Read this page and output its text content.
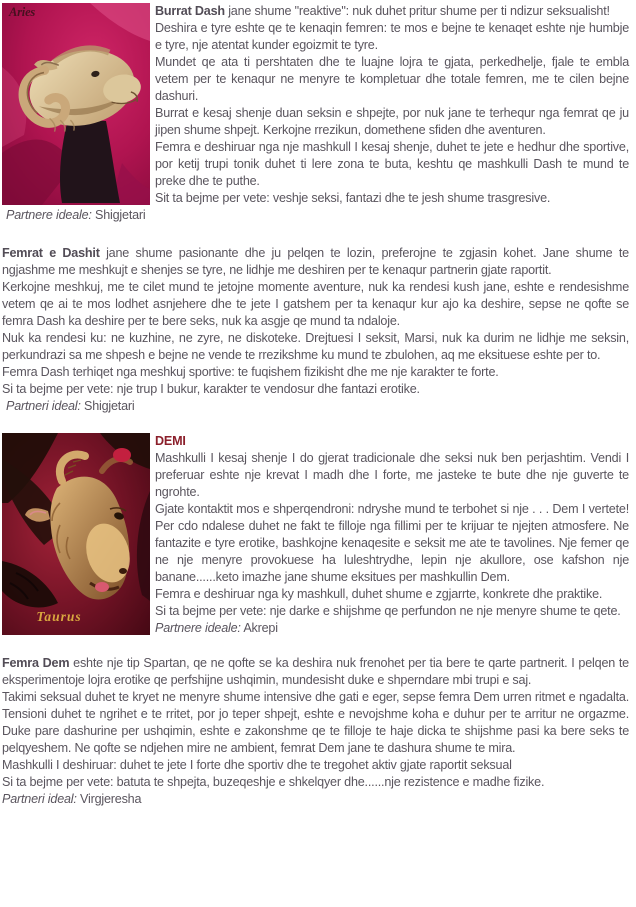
Aries	Burrat Dash jane shume "reaktive": nuk duhet pritur shume per ti ndizur seksualisht!

Deshira e tyre eshte qe te kenaqin femren: te mos e bejne te kenaqet eshte nje humbje e tyre, nje atentat kunder egoizmit te tyre.

Mundet qe ata ti pershtaten dhe te luajne lojra te gjata, perkedhelje, fjale te embla vetem per te kenaqur ne menyre te kompletuar dhe totale femren, me te cilen bejne dashuri.

Burrat e kesaj shenje duan seksin e shpejte, por nuk jane te terhequr nga femrat qe ju jipen shume shpejt. Kerkojne rrezikun, domethene sfiden dhe aventuren.

Femra e deshiruar nga nje mashkull I kesaj shenje, duhet te jete e hedhur dhe sportive, por ketij trupi tonik duhet ti lere zona te buta, keshtu qe mashkulli Dash te mund te preke dhe te puthe.

Sit ta bejme per vete: veshje seksi, fantazi dhe te jesh shume trasgresive.

Partnere ideale: Shigjetari

Femrat e Dashit jane shume pasionante dhe ju pelqen te lozin, preferojne te zgjasin kohet. Jane shume te ngjashme me meshkujt e shenjes se tyre, ne lidhje me deshiren per te kenaqur partnerin gjate raportit.

Kerkojne meshkuj, me te cilet mund te jetojne momente aventure, nuk ka rendesi kush jane, eshte e rendesishme vetem qe ai te mos lodhet asnjehere dhe te jete I gatshem per ta kenaqur kur ajo ka deshire, sepse ne qofte se femra Dash ka deshire per te bere seks, nuk ka asgje qe mund ta ndaloje.

Nuk ka rendesi ku: ne kuzhine, ne zyre, ne diskoteke. Drejtuesi I seksit, Marsi, nuk ka durim ne lidhje me seksin, perkundrazi sa me shpesh e bejne ne vende te rrezikshme ku mund te zbulohen, aq me eksituese eshte per to.

Femra Dash terhiqet nga meshkuj sportive: te fuqishem fizikisht dhe me nje karakter te forte.

Si ta bejme per vete: nje trup I bukur, karakter te vendosur dhe fantazi erotike.

Partneri ideal: Shigjetari

Taurus

DEMI

Mashkulli I kesaj shenje I do gjerat tradicionale dhe seksi nuk ben perjashtim. Vendi I preferuar eshte nje krevat I madh dhe I forte, me jasteke te bute dhe nje guverte te ngrohte.

Gjate kontaktit mos e shperqendroni: ndryshe mund te terbohet si nje . . . Dem I vertete! Per cdo ndalese duhet ne fakt te filloje nga fillimi per te krijuar te njejten atmosfere. Ne fantazite e tyre erotike, bashkojne kenaqesite e seksit me ate te tavolines. Nje femer qe ne nje menyre provokuese ha luleshtrydhe, lepin nje akullore, ose kafshon nje banane......keto imazhe jane shume eksitues per mashkullin Dem.

Femra e deshiruar nga ky mashkull, duhet shume e zgjarrte, konkrete dhe praktike.

Si ta bejme per vete: nje darke e shijshme qe perfundon ne nje menyre shume te qete.

Partnere ideale: Akrepi

Femra Dem eshte nje tip Spartan, qe ne qofte se ka deshira nuk frenohet per tia bere te qarte partnerit. I pelqen te eksperimentoje lojra erotike qe perfshijne ushqimin, mundesisht duke e shperndare mbi trupi e saj.

Takimi seksual duhet te kryet ne menyre shume intensive dhe gati e eger, sepse femra Dem urren ritmet e ngadalta. Tensioni duhet te ngrihet e te rritet, por jo teper shpejt, eshte e nevojshme koha e duhur per te arritur ne orgazme. Duke pare dashurine per ushqimin, eshte e zakonshme qe te filloje te haje dicka te shijshme pasi ka bere seks te pelqyeshem. Ne qofte se ndjehen mire ne ambient, femrat Dem jane te dashura shume te mira.

Mashkulli I deshiruar: duhet te jete I forte dhe sportiv dhe te tregohet aktiv gjate raportit seksual

Si ta bejme per vete: batuta te shpejta, buzeqeshje e shkelqyer dhe......nje rezistence e madhe fizike.

Partneri ideal: Virgjeresha
